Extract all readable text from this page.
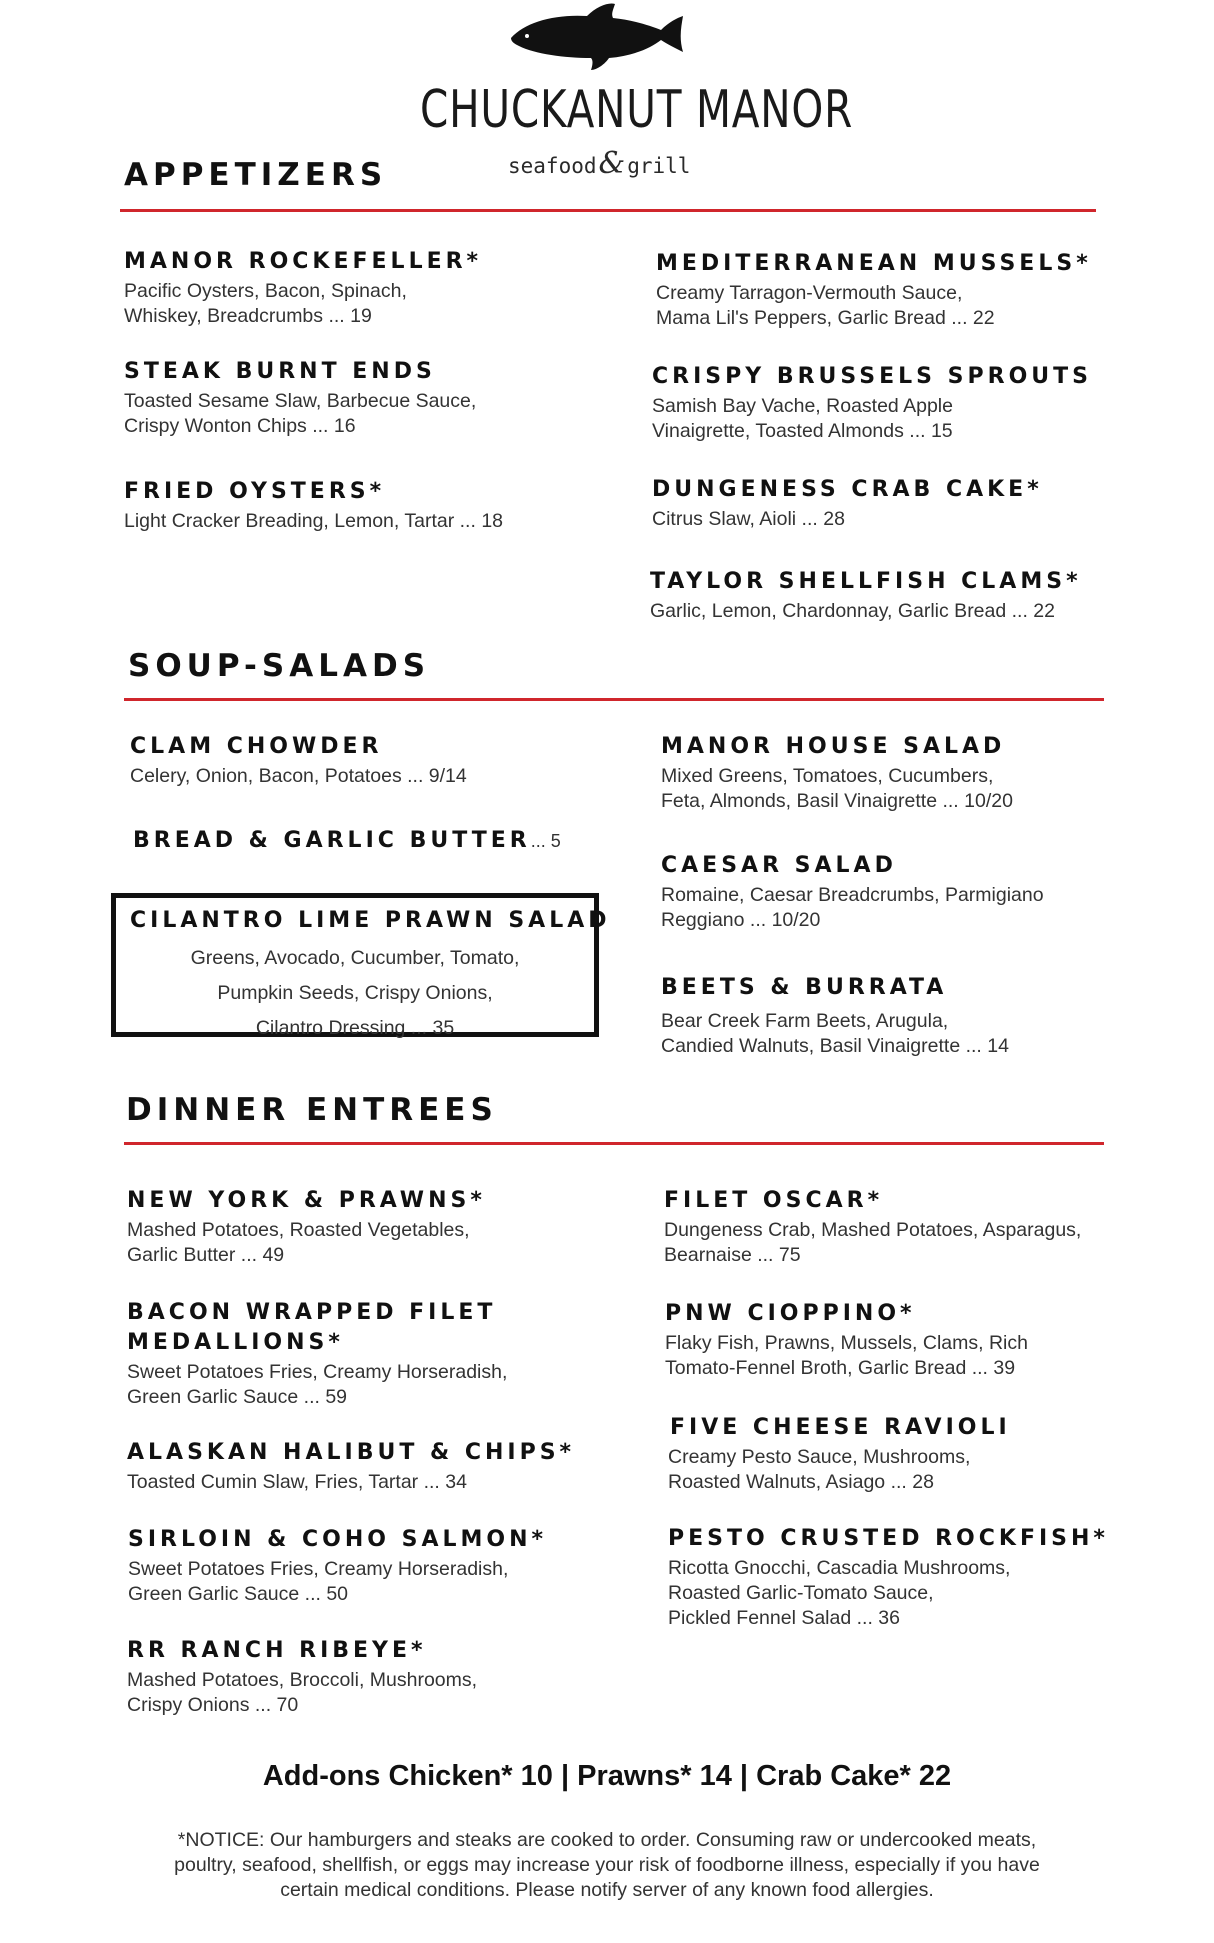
CHUCKANUT MANOR
seafood&grill
APPETIZERS
MANOR ROCKEFELLER*
Pacific Oysters, Bacon, Spinach,
Whiskey, Breadcrumbs ... 19
STEAK BURNT ENDS
Toasted Sesame Slaw, Barbecue Sauce,
Crispy Wonton Chips ... 16
FRIED OYSTERS*
Light Cracker Breading, Lemon, Tartar ... 18
MEDITERRANEAN MUSSELS*
Creamy Tarragon-Vermouth Sauce,
Mama Lil's Peppers, Garlic Bread ... 22
CRISPY BRUSSELS SPROUTS
Samish Bay Vache, Roasted Apple
Vinaigrette, Toasted Almonds ... 15
DUNGENESS CRAB CAKE*
Citrus Slaw, Aioli ... 28
TAYLOR SHELLFISH CLAMS*
Garlic, Lemon, Chardonnay, Garlic Bread ... 22
SOUP-SALADS
CLAM CHOWDER
Celery, Onion, Bacon, Potatoes ... 9/14
BREAD & GARLIC BUTTER... 5
CILANTRO LIME PRAWN SALAD
Greens, Avocado, Cucumber, Tomato,
Pumpkin Seeds, Crispy Onions,
Cilantro Dressing ... 35
MANOR HOUSE SALAD
Mixed Greens, Tomatoes, Cucumbers,
Feta, Almonds, Basil Vinaigrette ... 10/20
CAESAR SALAD
Romaine, Caesar Breadcrumbs, Parmigiano
Reggiano ... 10/20
BEETS & BURRATA
Bear Creek Farm Beets, Arugula,
Candied Walnuts, Basil Vinaigrette ... 14
DINNER ENTREES
NEW YORK & PRAWNS*
Mashed Potatoes, Roasted Vegetables,
Garlic Butter ... 49
BACON WRAPPED FILET MEDALLIONS*
Sweet Potatoes Fries, Creamy Horseradish,
Green Garlic Sauce ... 59
ALASKAN HALIBUT & CHIPS*
Toasted Cumin Slaw, Fries, Tartar ... 34
SIRLOIN & COHO SALMON*
Sweet Potatoes Fries, Creamy Horseradish,
Green Garlic Sauce ... 50
RR RANCH RIBEYE*
Mashed Potatoes, Broccoli, Mushrooms,
Crispy Onions ... 70
FILET OSCAR*
Dungeness Crab, Mashed Potatoes, Asparagus,
Bearnaise ... 75
PNW CIOPPINO*
Flaky Fish, Prawns, Mussels, Clams, Rich
Tomato-Fennel Broth, Garlic Bread ... 39
FIVE CHEESE RAVIOLI
Creamy Pesto Sauce, Mushrooms,
Roasted Walnuts, Asiago ... 28
PESTO CRUSTED ROCKFISH*
Ricotta Gnocchi, Cascadia Mushrooms,
Roasted Garlic-Tomato Sauce,
Pickled Fennel Salad ... 36
Add-ons Chicken* 10 | Prawns* 14 | Crab Cake* 22
*NOTICE: Our hamburgers and steaks are cooked to order. Consuming raw or undercooked meats,
poultry, seafood, shellfish, or eggs may increase your risk of foodborne illness, especially if you have
certain medical conditions. Please notify server of any known food allergies.
